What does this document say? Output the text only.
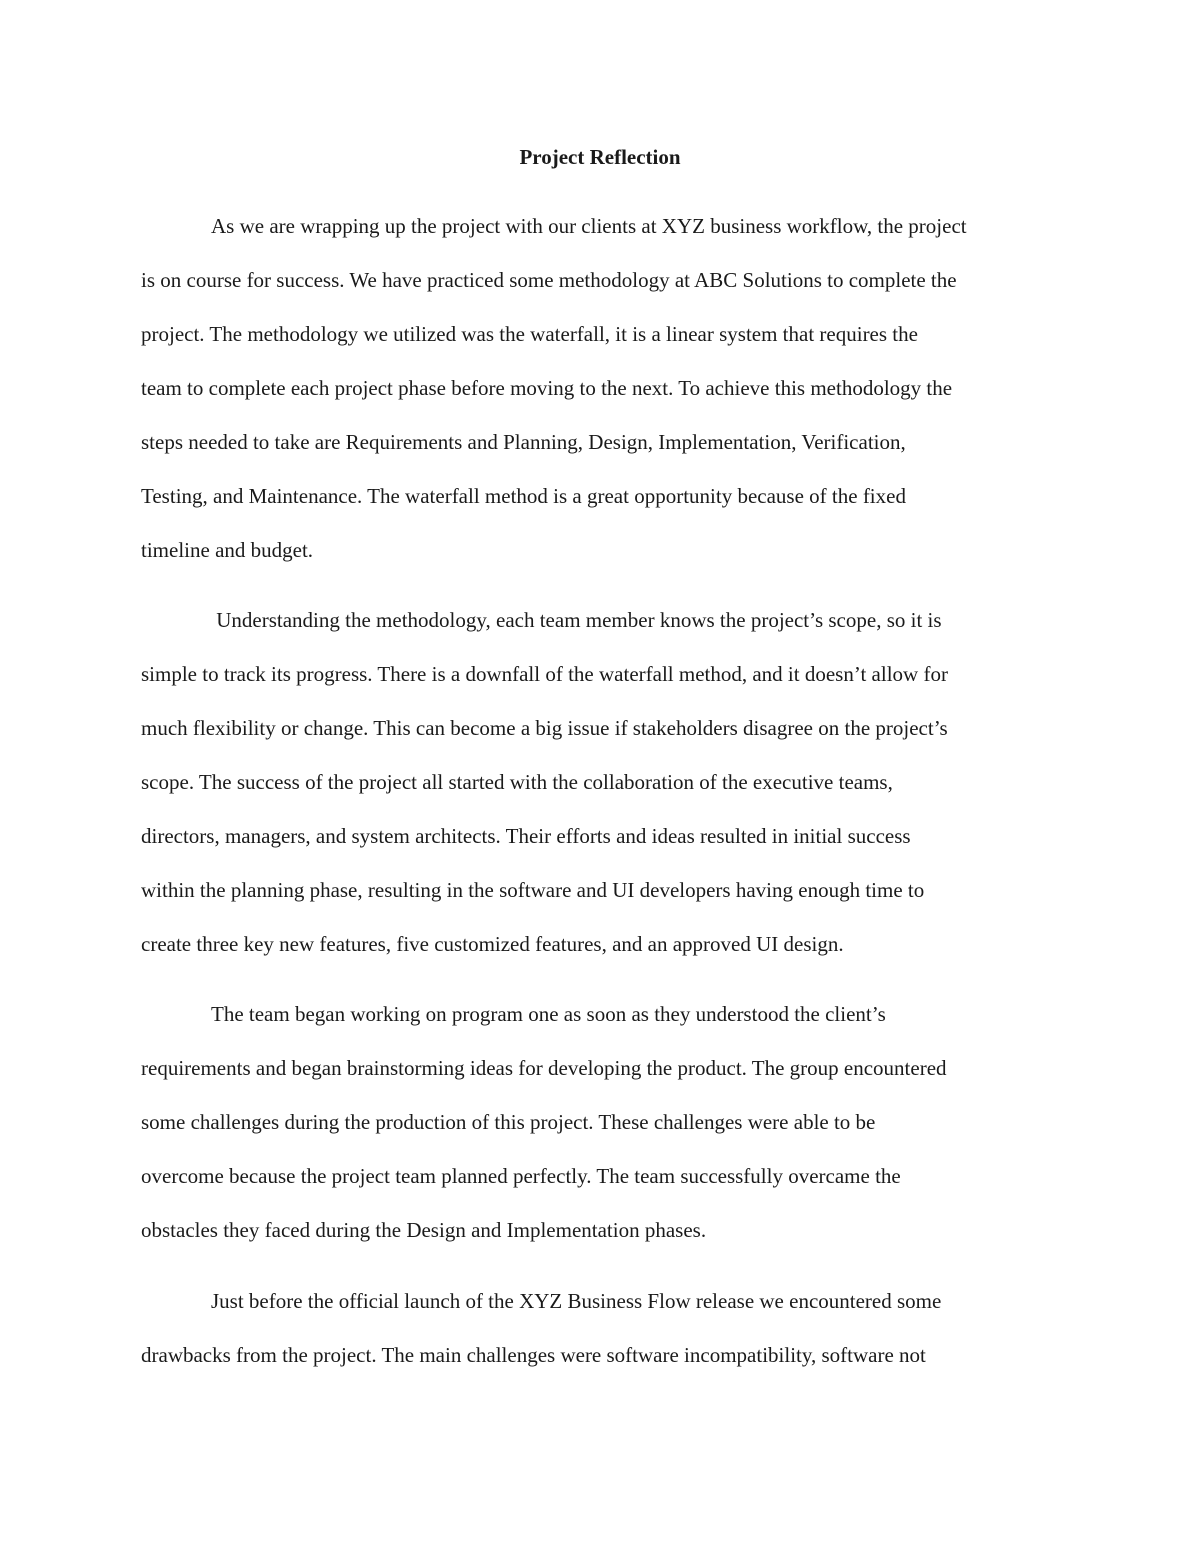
Project Reflection
As we are wrapping up the project with our clients at XYZ business workflow, the project
is on course for success. We have practiced some methodology at ABC Solutions to complete the
project. The methodology we utilized was the waterfall, it is a linear system that requires the
team to complete each project phase before moving to the next. To achieve this methodology the
steps needed to take are Requirements and Planning, Design, Implementation, Verification,
Testing, and Maintenance. The waterfall method is a great opportunity because of the fixed
timeline and budget.
Understanding the methodology, each team member knows the project’s scope, so it is
simple to track its progress. There is a downfall of the waterfall method, and it doesn’t allow for
much flexibility or change. This can become a big issue if stakeholders disagree on the project’s
scope. The success of the project all started with the collaboration of the executive teams,
directors, managers, and system architects. Their efforts and ideas resulted in initial success
within the planning phase, resulting in the software and UI developers having enough time to
create three key new features, five customized features, and an approved UI design.
The team began working on program one as soon as they understood the client’s
requirements and began brainstorming ideas for developing the product. The group encountered
some challenges during the production of this project. These challenges were able to be
overcome because the project team planned perfectly. The team successfully overcame the
obstacles they faced during the Design and Implementation phases.
Just before the official launch of the XYZ Business Flow release we encountered some
drawbacks from the project. The main challenges were software incompatibility, software not
